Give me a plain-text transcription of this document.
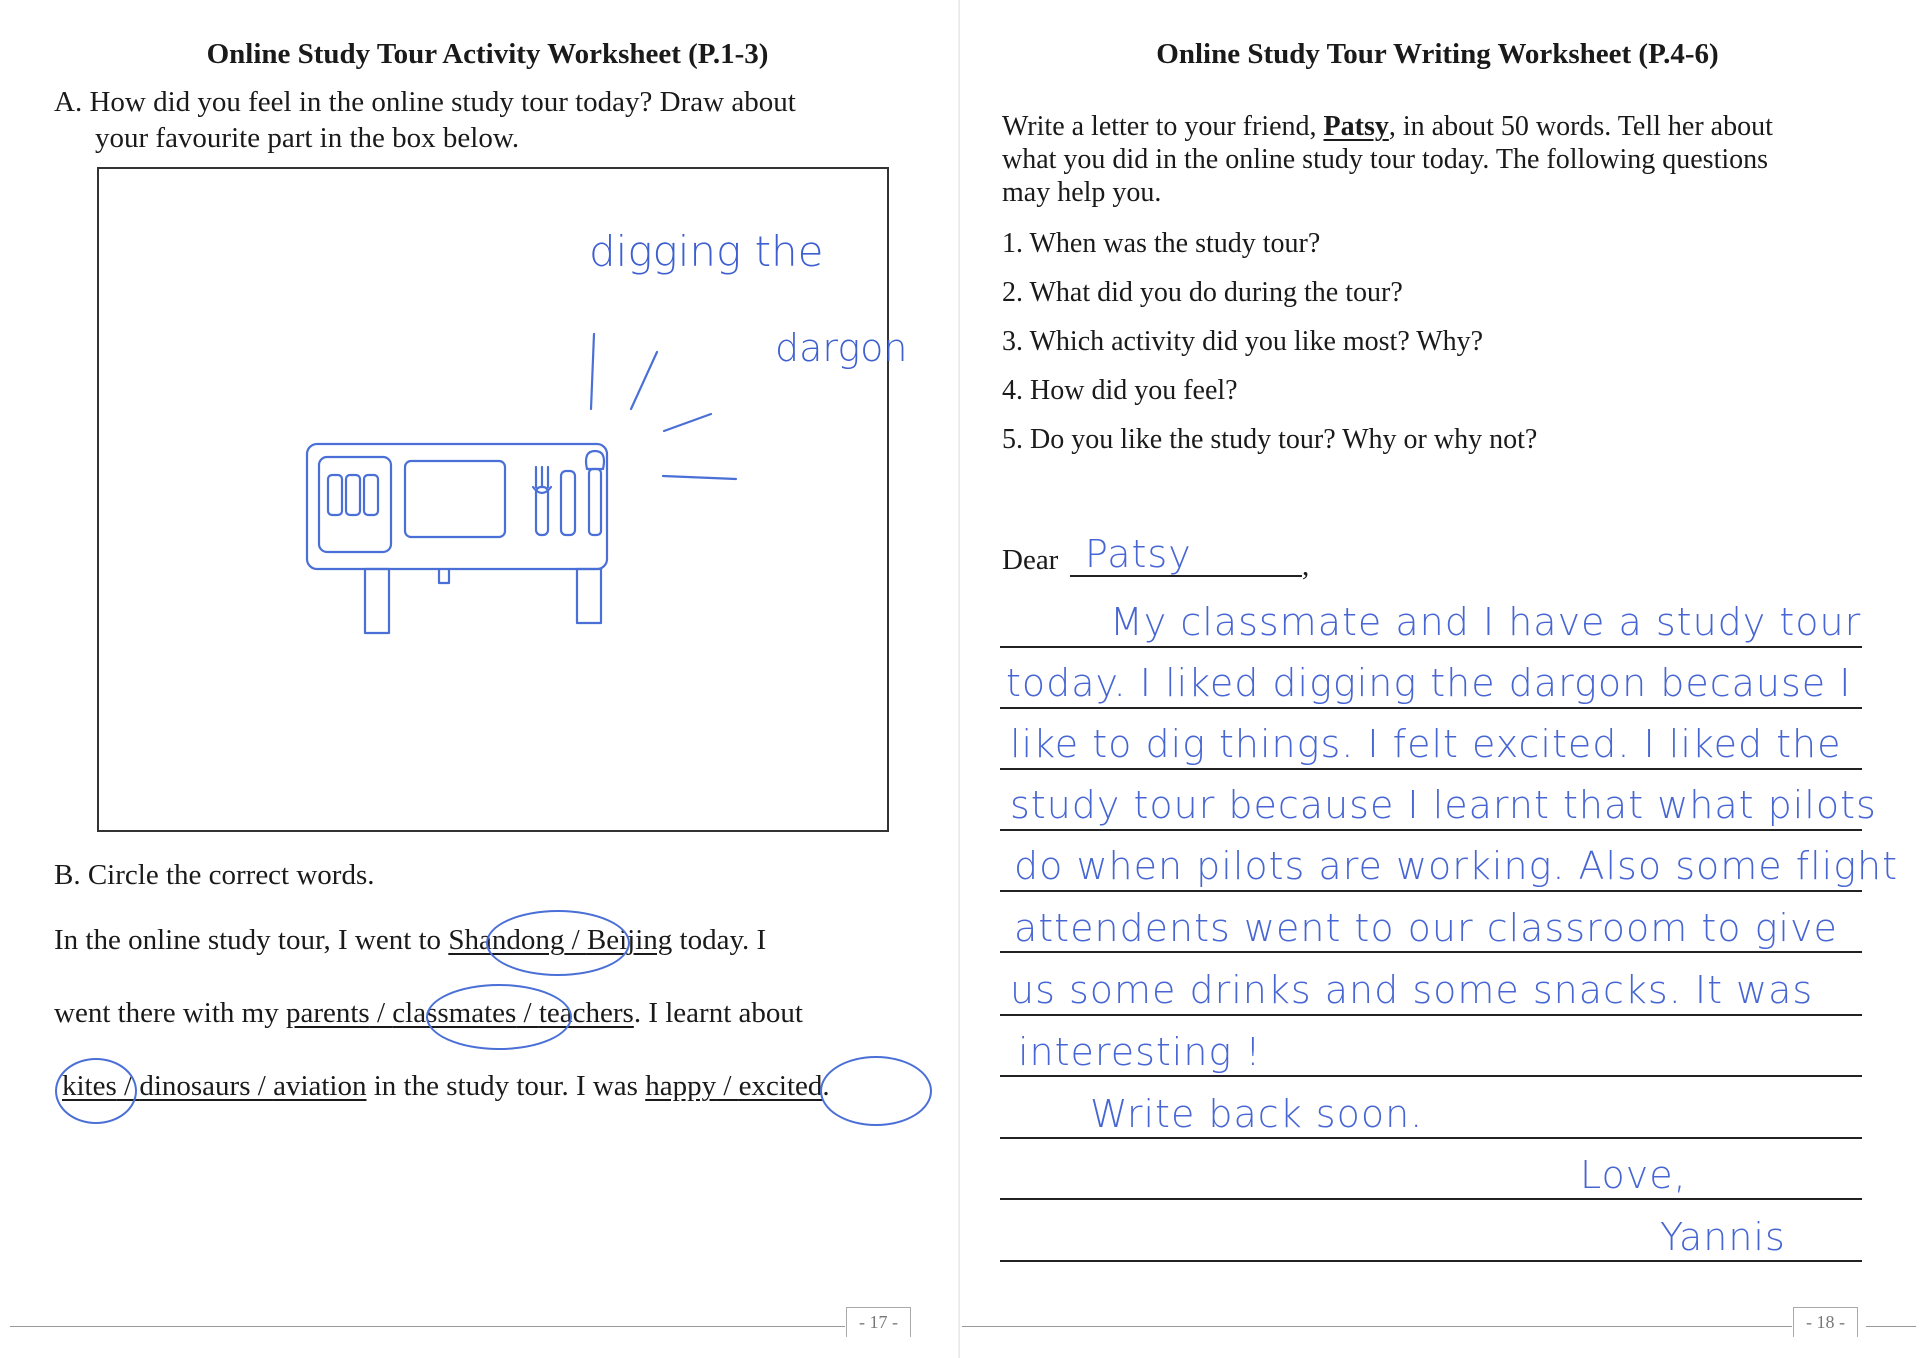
Online Study Tour Activity Worksheet (P.1-3)
A. How did you feel in the online study tour today? Draw about
your favourite part in the box below.
digging the
dargon
B. Circle the correct words.
In the online study tour, I went to Shandong / Beijing today. I
went there with my parents / classmates / teachers. I learnt about
kites / dinosaurs / aviation in the study tour. I was happy / excited.
- 17 -
Online Study Tour Writing Worksheet (P.4-6)
Write a letter to your friend, Patsy, in about 50 words. Tell her about
what you did in the online study tour today. The following questions
may help you.
1. When was the study tour?
2. What did you do during the tour?
3. Which activity did you like most? Why?
4. How did you feel?
5. Do you like the study tour? Why or why not?
Dear Patsy	,
My classmate and I have a study tour
today. I liked digging the dargon because I
like to dig things. I felt excited. I liked the
study tour because I learnt that what pilots
do when pilots are working. Also some flight
attendents went to our classroom to give
us some drinks and some snacks. It was
interesting !
Write back soon.
Love,
Yannis
- 18 -
